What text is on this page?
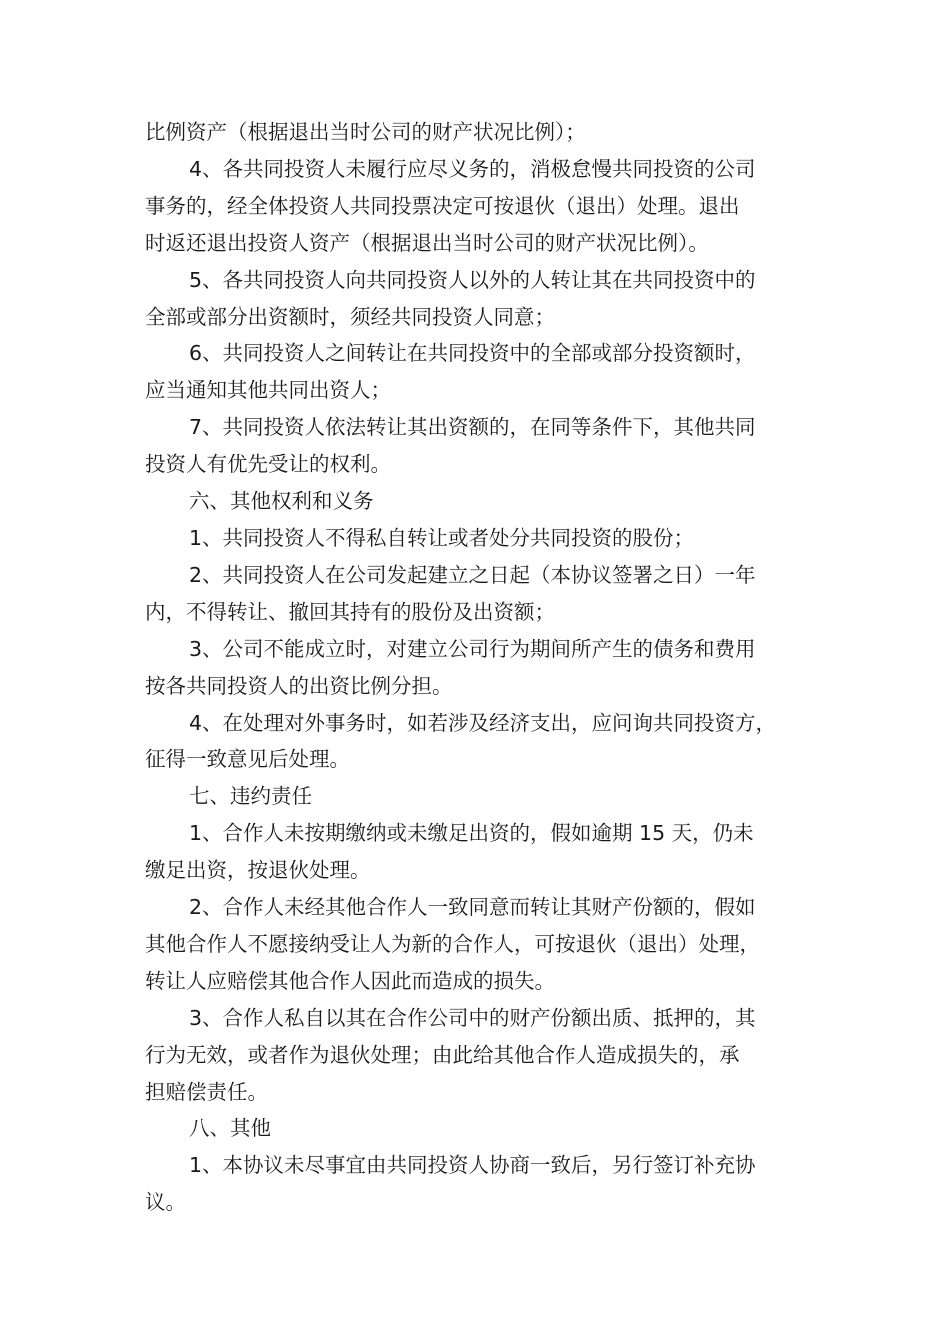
比例资产（根据退出当时公司的财产状况比例）；

4、各共同投资人未履行应尽义务的，消极怠慢共同投资的公司

事务的，经全体投资人共同投票决定可按退伙（退出）处理。退出

时返还退出投资人资产（根据退出当时公司的财产状况比例）。

5、各共同投资人向共同投资人以外的人转让其在共同投资中的

全部或部分出资额时，须经共同投资人同意；

6、共同投资人之间转让在共同投资中的全部或部分投资额时，

应当通知其他共同出资人；

7、共同投资人依法转让其出资额的，在同等条件下，其他共同

投资人有优先受让的权利。

六、其他权利和义务

1、共同投资人不得私自转让或者处分共同投资的股份；

2、共同投资人在公司发起建立之日起（本协议签署之日）一年

内，不得转让、撤回其持有的股份及出资额；

3、公司不能成立时，对建立公司行为期间所产生的债务和费用

按各共同投资人的出资比例分担。

4、在处理对外事务时，如若涉及经济支出，应问询共同投资方，

征得一致意见后处理。

七、违约责任

1、合作人未按期缴纳或未缴足出资的，假如逾期 15 天，仍未

缴足出资，按退伙处理。

2、合作人未经其他合作人一致同意而转让其财产份额的，假如

其他合作人不愿接纳受让人为新的合作人，可按退伙（退出）处理，

转让人应赔偿其他合作人因此而造成的损失。

3、合作人私自以其在合作公司中的财产份额出质、抵押的，其

行为无效，或者作为退伙处理；由此给其他合作人造成损失的，承

担赔偿责任。

八、其他

1、本协议未尽事宜由共同投资人协商一致后，另行签订补充协

议。
